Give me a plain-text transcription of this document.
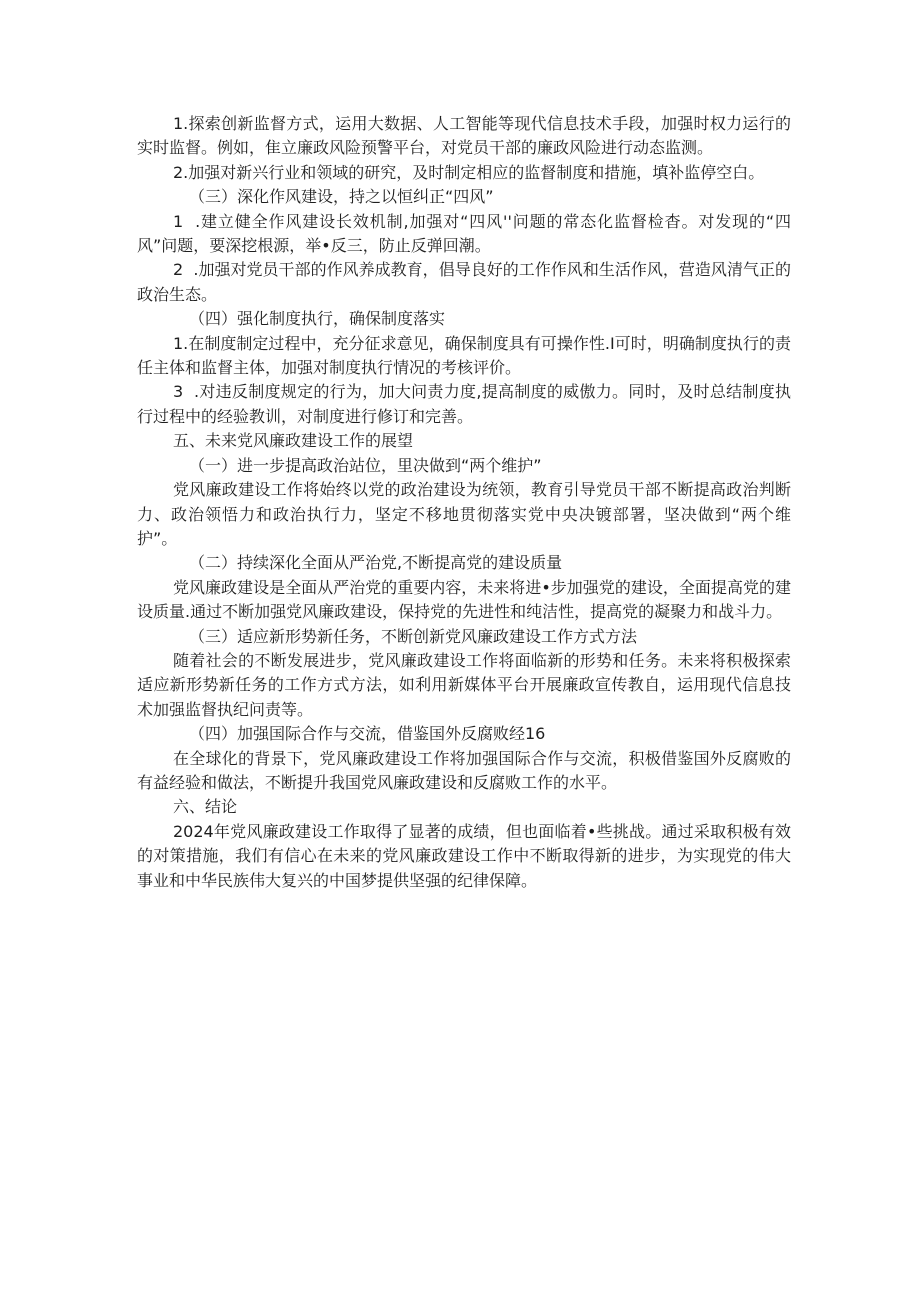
1.探索创新监督方式，运用大数据、人工智能等现代信息技术手段，加强时权力运行的实时监督。例如，隹立廉政风险预警平台，对党员干部的廉政风险进行动态监测。

2.加强对新兴行业和领域的研究，及时制定相应的监督制度和措施，填补监停空白。

（三）深化作风建设，持之以恒纠正“四风”

1  .建立健全作风建设长效机制,加强对“四风''问题的常态化监督检杳。对发现的“四风”问题，要深挖根源，举•反三，防止反弹回潮。

2  .加强对党员干部的作风养成教育，倡导良好的工作作风和生活作风，营造风清气正的政治生态。

（四）强化制度执行，确保制度落实

1.在制度制定过程中，充分征求意见，确保制度具有可操作性.I可时，明确制度执行的责任主体和监督主体，加强对制度执行情况的考核评价。

3  .对违反制度规定的行为，加大问责力度,提高制度的威傲力。同时，及时总结制度执行过程中的经验教训，对制度进行修订和完善。

五、未来党风廉政建设工作的展望

（一）进一步提高政治站位，里决做到“两个维护”

党风廉政建设工作将始终以党的政治建设为统领，教育引导党员干部不断提高政治判断力、政治领悟力和政治执行力，坚定不移地贯彻落实党中央决镀部署，坚决做到“两个维护”。

（二）持续深化全面从严治党,不断提高党的建设质量

党风廉政建设是全面从严治党的重要内容，未来将进•步加强党的建设，全面提高党的建设质量.通过不断加强党风廉政建设，保持党的先进性和纯洁性，提高党的凝聚力和战斗力。

（三）适应新形势新任务，不断创新党风廉政建设工作方式方法

随着社会的不断发展进步，党风廉政建设工作将面临新的形势和任务。未来将积极探索适应新形势新任务的工作方式方法，如利用新媒体平台开展廉政宣传教自，运用现代信息技术加强监督执纪问责等。

（四）加强国际合作与交流，借鉴国外反腐败经16

在全球化的背景下，党风廉政建设工作将加强国际合作与交流，积极借鉴国外反腐败的有益经验和做法，不断提升我国党风廉政建设和反腐败工作的水平。

六、结论

2024年党风廉政建设工作取得了显著的成绩，但也面临着•些挑战。通过采取积极有效的对策措施，我们有信心在未来的党风廉政建设工作中不断取得新的进步，为实现党的伟大事业和中华民族伟大复兴的中国梦提供坚强的纪律保障。
